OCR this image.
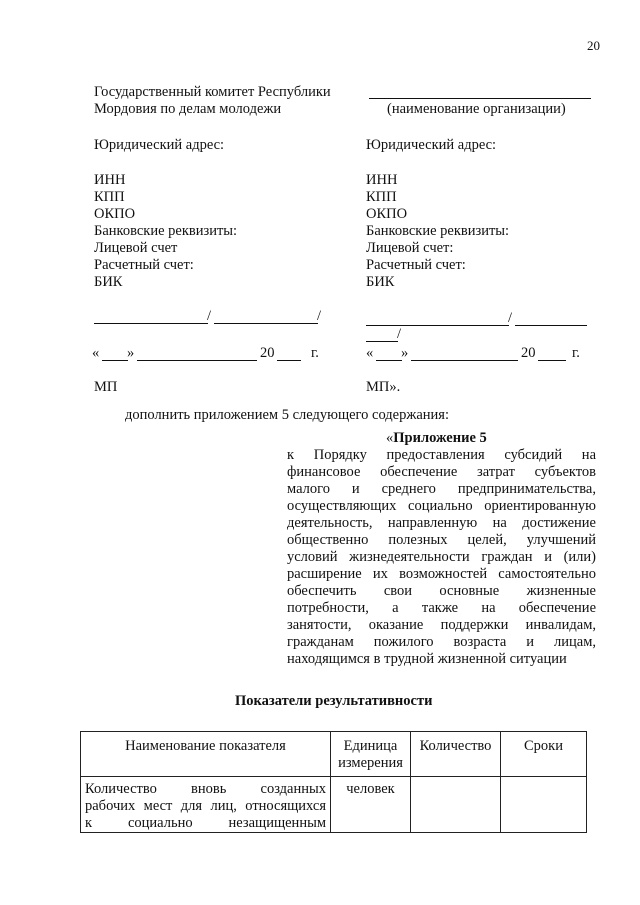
20
Государственный комитет Республики
Мордовия по делам молодежи
Юридический адрес:
ИНН
КПП
ОКПО
Банковские реквизиты:
Лицевой счет
Расчетный счет:
БИК
/	/
« »	20	г.
МП
(наименование организации)
Юридический адрес:
ИНН
КПП
ОКПО
Банковские реквизиты:
Лицевой счет:
Расчетный счет:
БИК
/
/
« »	20	г.
МП».
дополнить приложением 5 следующего содержания:
«Приложение 5
к Порядку предоставления субсидий на
финансовое обеспечение затрат субъектов
малого и среднего предпринимательства,
осуществляющих социально ориентированную
деятельность, направленную на достижение
общественно полезных целей, улучшений
условий жизнедеятельности граждан и (или)
расширение их возможностей самостоятельно
обеспечить свои основные жизненные
потребности, а также на обеспечение
занятости, оказание поддержки инвалидам,
гражданам пожилого возраста и лицам,
находящимся в трудной жизненной ситуации
Показатели результативности
Наименование показателя	Единица измерения	Количество	Сроки

Количество вновь созданных
рабочих мест для лиц, относящихся
к социально незащищенным	человек		
